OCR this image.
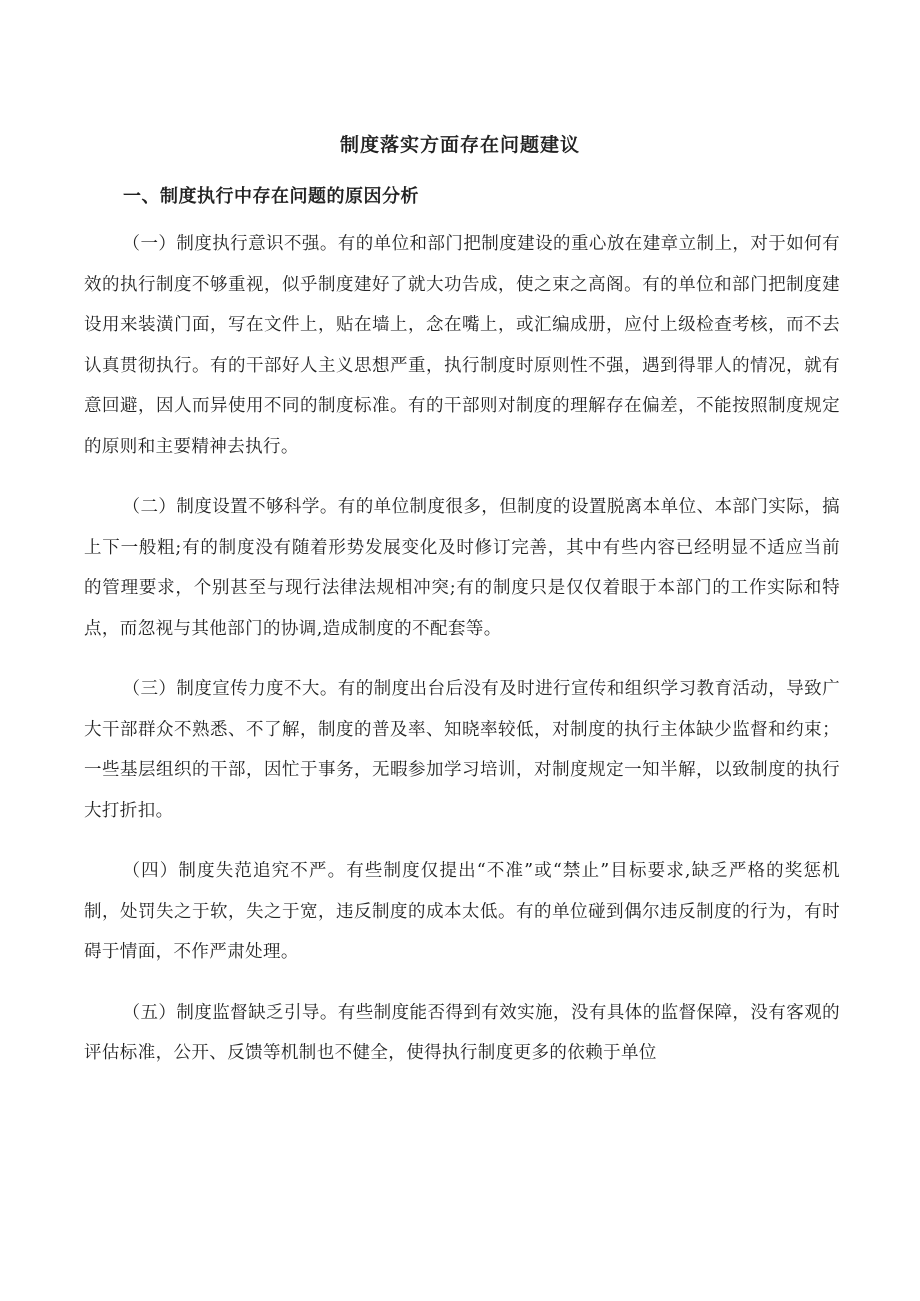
制度落实方面存在问题建议
一、制度执行中存在问题的原因分析

（一）制度执行意识不强。有的单位和部门把制度建设的重心放在建章立制上，对于如何有效的执行制度不够重视，似乎制度建好了就大功告成，使之束之高阁。有的单位和部门把制度建设用来装潢门面，写在文件上，贴在墙上，念在嘴上，或汇编成册，应付上级检查考核，而不去认真贯彻执行。有的干部好人主义思想严重，执行制度时原则性不强，遇到得罪人的情况，就有意回避，因人而异使用不同的制度标准。有的干部则对制度的理解存在偏差，不能按照制度规定的原则和主要精神去执行。

（二）制度设置不够科学。有的单位制度很多，但制度的设置脱离本单位、本部门实际，搞上下一般粗;有的制度没有随着形势发展变化及时修订完善，其中有些内容已经明显不适应当前的管理要求，个别甚至与现行法律法规相冲突;有的制度只是仅仅着眼于本部门的工作实际和特点，而忽视与其他部门的协调,造成制度的不配套等。

（三）制度宣传力度不大。有的制度出台后没有及时进行宣传和组织学习教育活动，导致广大干部群众不熟悉、不了解，制度的普及率、知晓率较低，对制度的执行主体缺少监督和约束；一些基层组织的干部，因忙于事务，无暇参加学习培训，对制度规定一知半解，以致制度的执行大打折扣。

（四）制度失范追究不严。有些制度仅提出“不准”或“禁止”目标要求,缺乏严格的奖惩机制，处罚失之于软，失之于宽，违反制度的成本太低。有的单位碰到偶尔违反制度的行为，有时碍于情面，不作严肃处理。

（五）制度监督缺乏引导。有些制度能否得到有效实施，没有具体的监督保障，没有客观的评估标准，公开、反馈等机制也不健全，使得执行制度更多的依赖于单位
